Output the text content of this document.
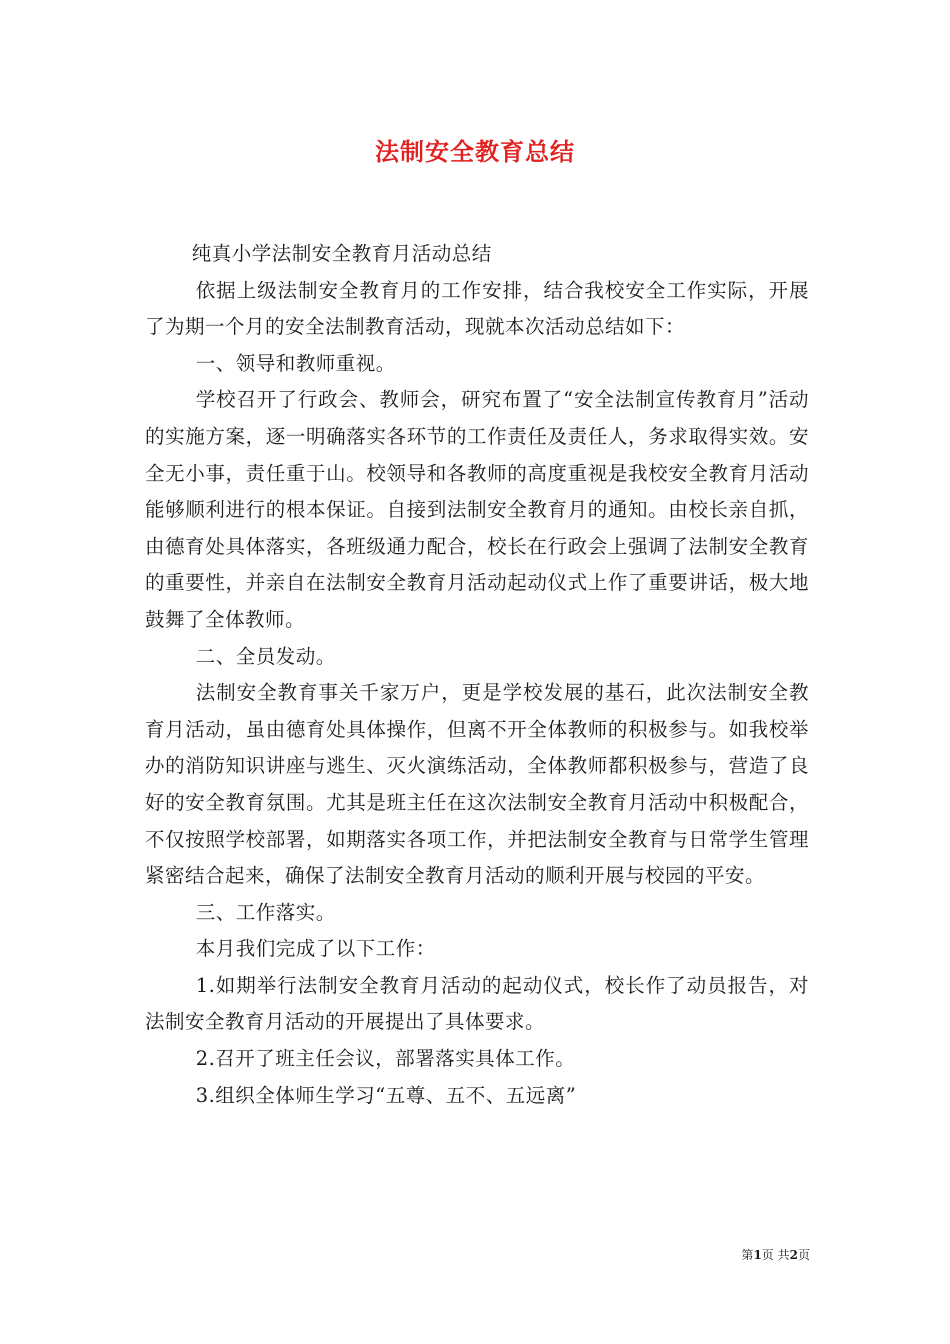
法制安全教育总结

纯真小学法制安全教育月活动总结

依据上级法制安全教育月的工作安排，结合我校安全工作实际，开展了为期一个月的安全法制教育活动，现就本次活动总结如下：

一、领导和教师重视。

学校召开了行政会、教师会，研究布置了“安全法制宣传教育月”活动的实施方案，逐一明确落实各环节的工作责任及责任人，务求取得实效。安全无小事，责任重于山。校领导和各教师的高度重视是我校安全教育月活动能够顺利进行的根本保证。自接到法制安全教育月的通知。由校长亲自抓，由德育处具体落实，各班级通力配合，校长在行政会上强调了法制安全教育的重要性，并亲自在法制安全教育月活动起动仪式上作了重要讲话，极大地鼓舞了全体教师。

二、全员发动。

法制安全教育事关千家万户，更是学校发展的基石，此次法制安全教育月活动，虽由德育处具体操作，但离不开全体教师的积极参与。如我校举办的消防知识讲座与逃生、灭火演练活动，全体教师都积极参与，营造了良好的安全教育氛围。尤其是班主任在这次法制安全教育月活动中积极配合，不仅按照学校部署，如期落实各项工作，并把法制安全教育与日常学生管理紧密结合起来，确保了法制安全教育月活动的顺利开展与校园的平安。

三、工作落实。

本月我们完成了以下工作：

1.如期举行法制安全教育月活动的起动仪式，校长作了动员报告，对法制安全教育月活动的开展提出了具体要求。

2.召开了班主任会议，部署落实具体工作。

3.组织全体师生学习“五尊、五不、五远离”

第1页 共2页
